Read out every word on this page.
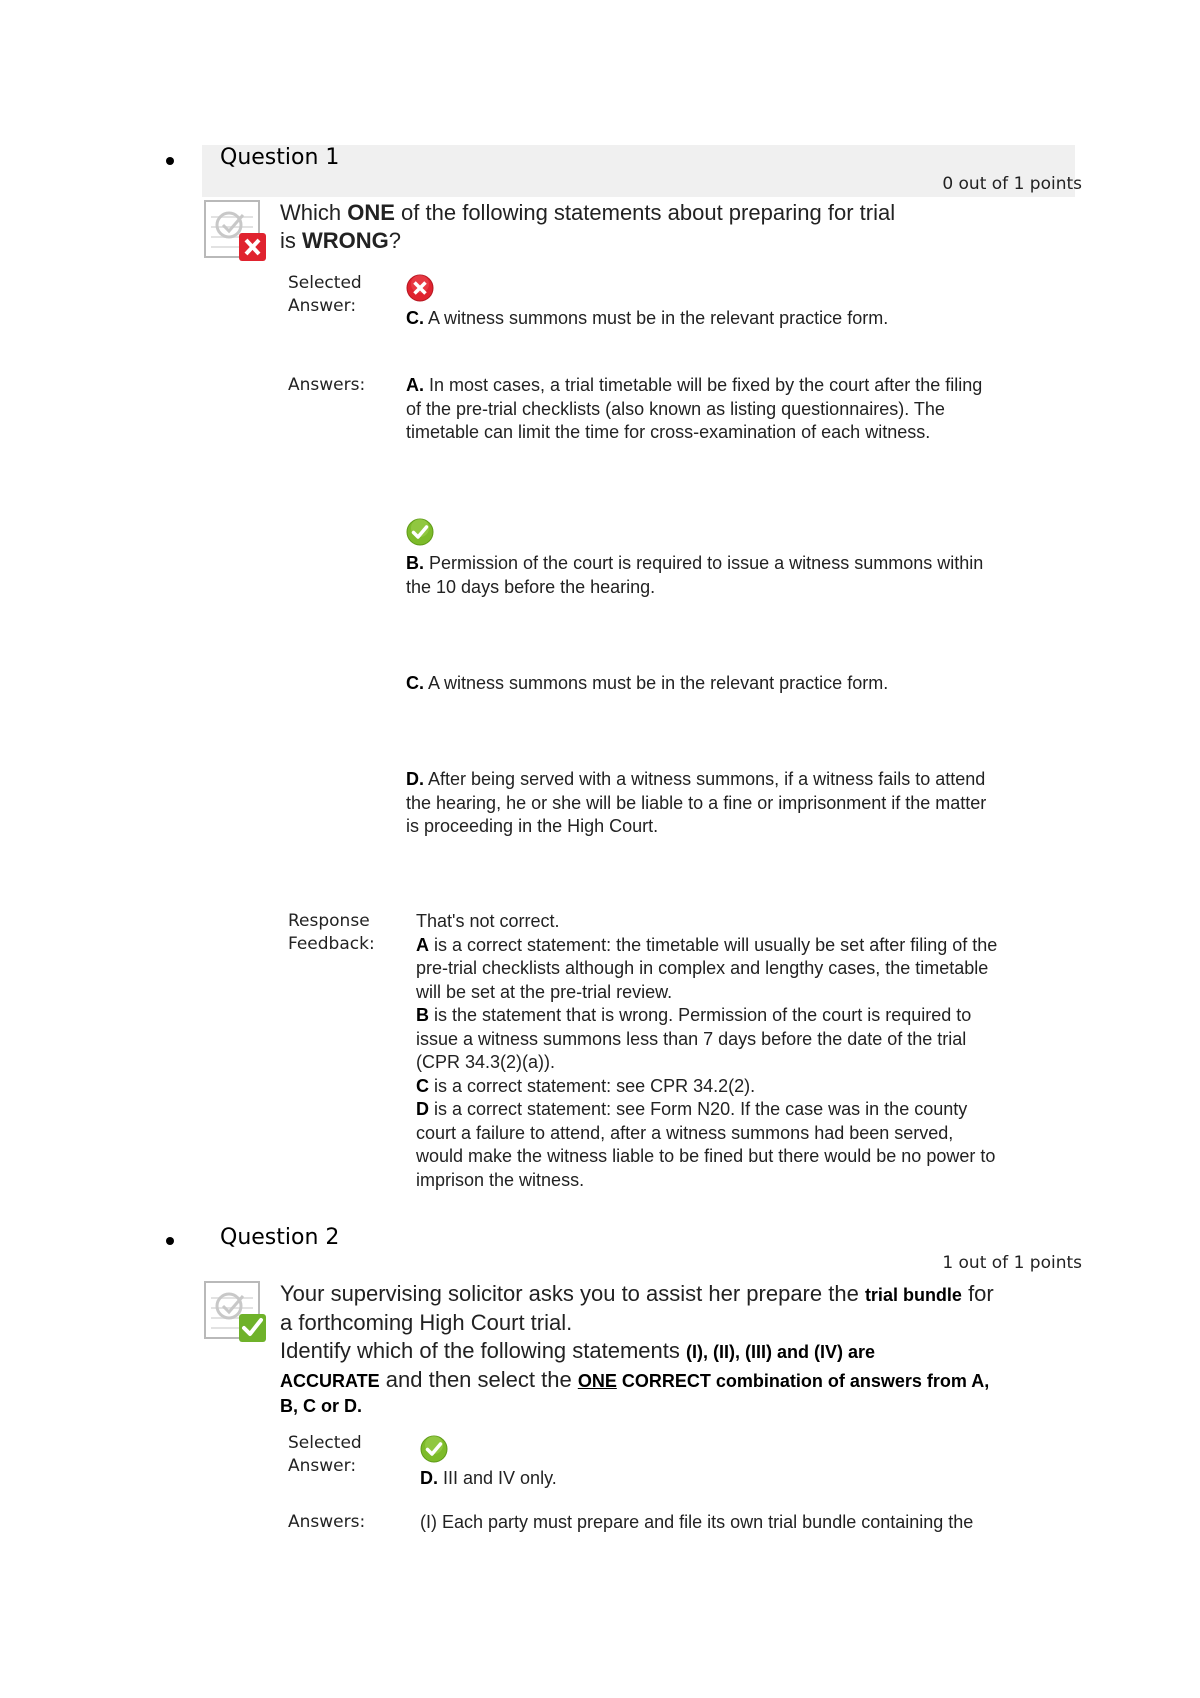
Question 1
0 out of 1 points
Which ONE of the following statements about preparing for trial
is WRONG?
Selected
Answer:
C. A witness summons must be in the relevant practice form.
Answers: A. In most cases, a trial timetable will be fixed by the court after the filing
of the pre-trial checklists (also known as listing questionnaires). The
timetable can limit the time for cross-examination of each witness.
B. Permission of the court is required to issue a witness summons within
the 10 days before the hearing.
C. A witness summons must be in the relevant practice form.
D. After being served with a witness summons, if a witness fails to attend
the hearing, he or she will be liable to a fine or imprisonment if the matter
is proceeding in the High Court.
Response
Feedback:
That's not correct.
A is a correct statement: the timetable will usually be set after filing of the
pre-trial checklists although in complex and lengthy cases, the timetable
will be set at the pre-trial review.
B is the statement that is wrong. Permission of the court is required to
issue a witness summons less than 7 days before the date of the trial
(CPR 34.3(2)(a)).
C is a correct statement: see CPR 34.2(2).
D is a correct statement: see Form N20. If the case was in the county
court a failure to attend, after a witness summons had been served,
would make the witness liable to be fined but there would be no power to
imprison the witness.
Question 2
1 out of 1 points
Your supervising solicitor asks you to assist her prepare the trial bundle for
a forthcoming High Court trial.
Identify which of the following statements (I), (II), (III) and (IV) are
ACCURATE and then select the ONE CORRECT combination of answers from A,
B, C or D.
Selected
Answer:
D. III and IV only.
Answers:	(I) Each party must prepare and file its own trial bundle containing the
